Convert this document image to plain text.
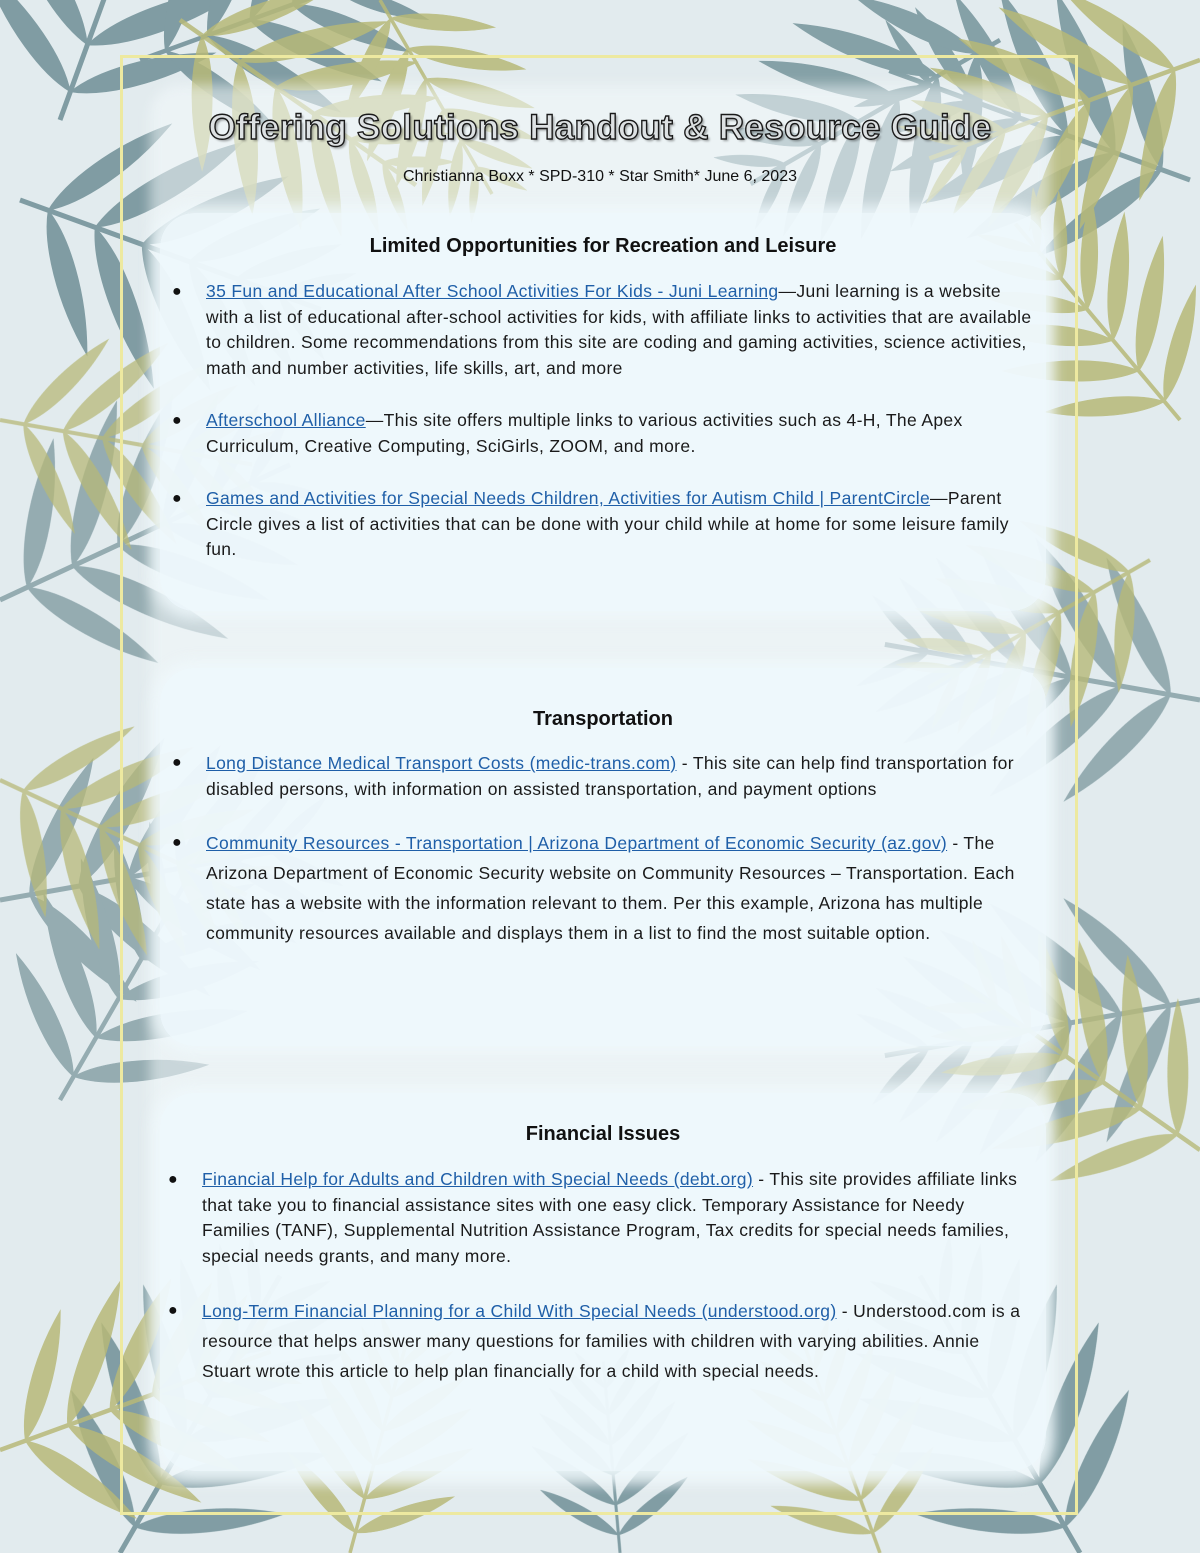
Offering Solutions Handout & Resource Guide
Christianna Boxx * SPD-310 * Star Smith* June 6, 2023
Limited Opportunities for Recreation and Leisure
● 35 Fun and Educational After School Activities For Kids - Juni Learning—Juni learning is a website with a list of educational after-school activities for kids, with affiliate links to activities that are available to children. Some recommendations from this site are coding and gaming activities, science activities, math and number activities, life skills, art, and more
● Afterschool Alliance—This site offers multiple links to various activities such as 4-H, The Apex Curriculum, Creative Computing, SciGirls, ZOOM, and more.
● Games and Activities for Special Needs Children, Activities for Autism Child | ParentCircle—Parent Circle gives a list of activities that can be done with your child while at home for some leisure family fun.
Transportation
● Long Distance Medical Transport Costs (medic-trans.com) - This site can help find transportation for disabled persons, with information on assisted transportation, and payment options
● Community Resources - Transportation | Arizona Department of Economic Security (az.gov) - The Arizona Department of Economic Security website on Community Resources – Transportation. Each state has a website with the information relevant to them. Per this example, Arizona has multiple community resources available and displays them in a list to find the most suitable option.
Financial Issues
● Financial Help for Adults and Children with Special Needs (debt.org) - This site provides affiliate links that take you to financial assistance sites with one easy click. Temporary Assistance for Needy Families (TANF), Supplemental Nutrition Assistance Program, Tax credits for special needs families, special needs grants, and many more.
● Long-Term Financial Planning for a Child With Special Needs (understood.org) - Understood.com is a resource that helps answer many questions for families with children with varying abilities. Annie Stuart wrote this article to help plan financially for a child with special needs.
